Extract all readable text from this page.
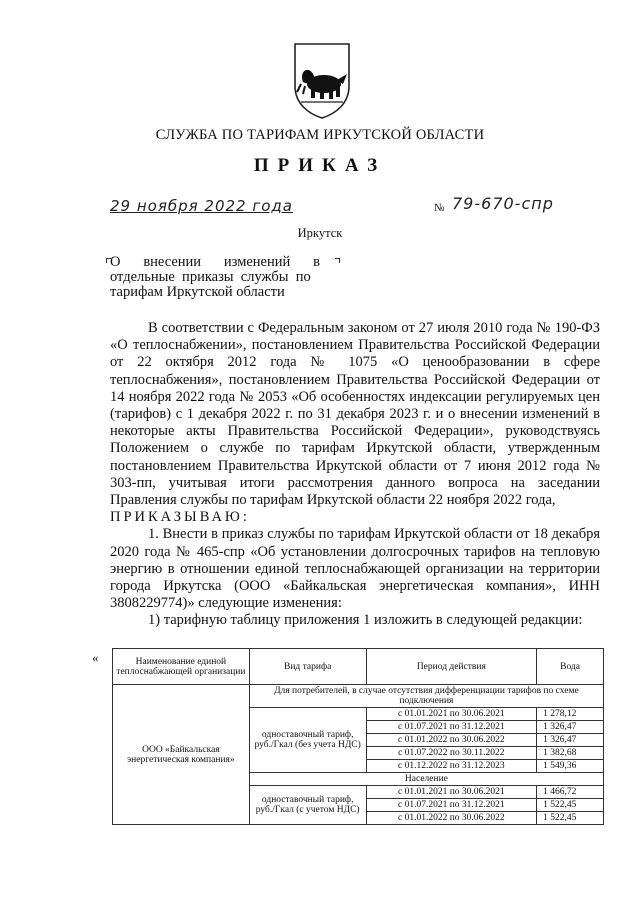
СЛУЖБА ПО ТАРИФАМ ИРКУТСКОЙ ОБЛАСТИ
ПРИКАЗ
29 ноября 2022 года	№ 79-670-спр
Иркутск
О внесении изменений в
отдельные  приказы  службы  по
тарифам Иркутской области

В соответствии с Федеральным законом от 27 июля 2010 года № 190-ФЗ «О теплоснабжении», постановлением Правительства Российской Федерации от 22 октября 2012 года № 1075 «О ценообразовании в сфере теплоснабжения», постановлением Правительства Российской Федерации от 14 ноября 2022 года № 2053 «Об особенностях индексации регулируемых цен (тарифов) с 1 декабря 2022 г. по 31 декабря 2023 г. и о внесении изменений в некоторые акты Правительства Российской Федерации», руководствуясь Положением о службе по тарифам Иркутской области, утвержденным постановлением Правительства Иркутской области от 7 июня 2012 года № 303-пп, учитывая итоги рассмотрения данного вопроса на заседании Правления службы по тарифам Иркутской области 22 ноября 2022 года,

ПРИКАЗЫВАЮ:

1. Внести в приказ службы по тарифам Иркутской области от 18 декабря 2020 года № 465-спр «Об установлении долгосрочных тарифов на тепловую энергию в отношении единой теплоснабжающей организации на территории города Иркутска (ООО «Байкальская энергетическая компания», ИНН 3808229774)» следующие изменения:

1) тарифную таблицу приложения 1 изложить в следующей редакции:

«	Наименование единой теплоснабжающей организации	Вид тарифа	Период действия	Вода
ООО «Байкальская энергетическая компания»	Для потребителей, в случае отсутствия дифференциации тарифов по схеме подключения		
	одноставочный тариф, руб./Гкал (без учета НДС)	с 01.01.2021 по 30.06.2021	1 278,12
		с 01.07.2021 по 31.12.2021	1 326,47
		с 01.01.2022 по 30.06.2022	1 326,47
		с 01.07.2022 по 30.11.2022	1 382,68
		с 01.12.2022 по 31.12.2023	1 549,36
	Население		
	одноставочный тариф, руб./Гкал (с учетом НДС)	с 01.01.2021 по 30.06.2021	1 466,72
		с 01.07.2021 по 31.12.2021	1 522,45
		с 01.01.2022 по 30.06.2022	1 522,45
